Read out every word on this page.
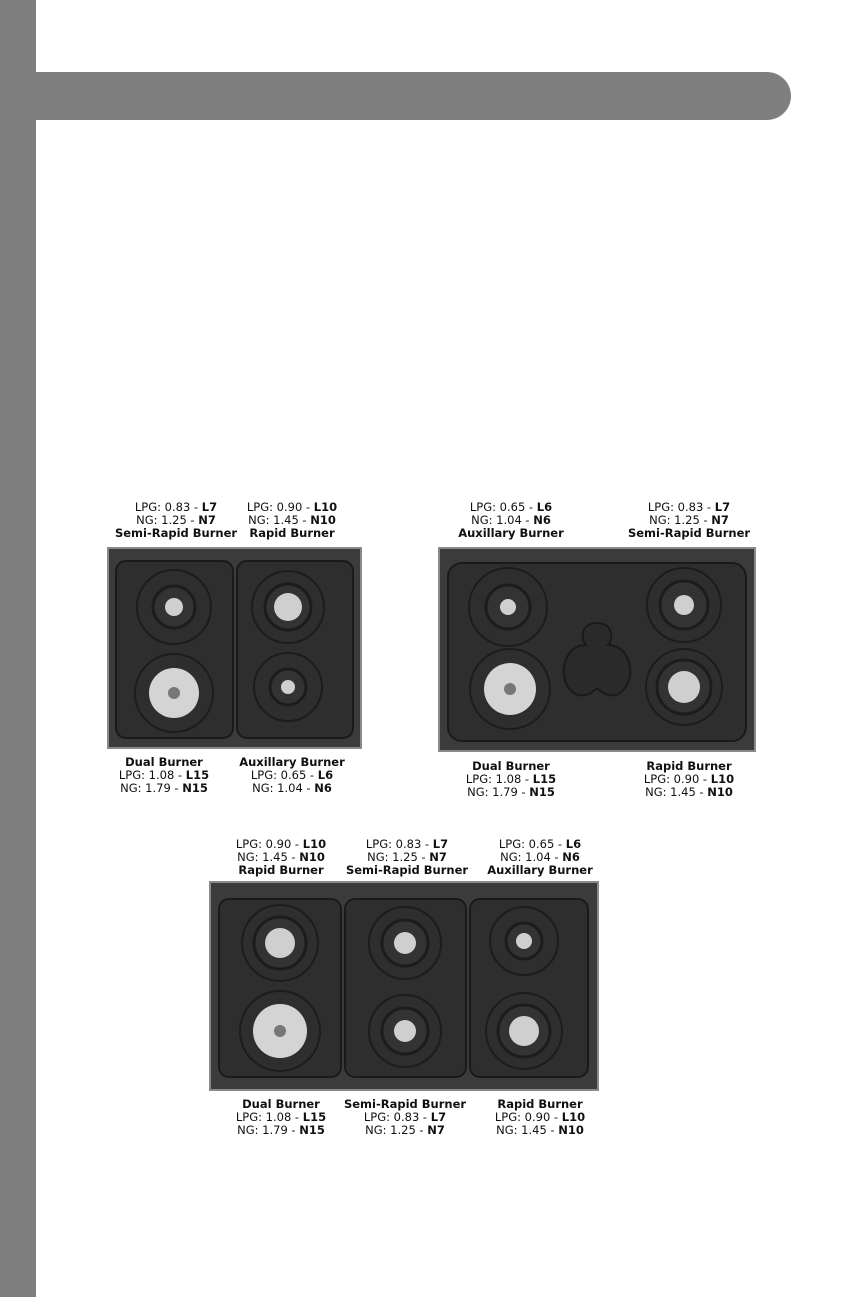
LPG: 0.83 - L7
NG: 1.25 - N7
Semi-Rapid Burner
LPG: 0.90 - L10
NG: 1.45 - N10
Rapid Burner
Dual Burner
LPG: 1.08 - L15
NG: 1.79 - N15
Auxillary Burner
LPG: 0.65 - L6
NG: 1.04 - N6
LPG: 0.65 - L6
NG: 1.04 - N6
Auxillary Burner
LPG: 0.83 - L7
NG: 1.25 - N7
Semi-Rapid Burner
Dual Burner
LPG: 1.08 - L15
NG: 1.79 - N15
Rapid Burner
LPG: 0.90 - L10
NG: 1.45 - N10
LPG: 0.90 - L10
NG: 1.45 - N10
Rapid Burner
LPG: 0.83 - L7
NG: 1.25 - N7
Semi-Rapid Burner
LPG: 0.65 - L6
NG: 1.04 - N6
Auxillary Burner
Dual Burner
LPG: 1.08 - L15
NG: 1.79 - N15
Semi-Rapid Burner
LPG: 0.83 - L7
NG: 1.25 - N7
Rapid Burner
LPG: 0.90 - L10
NG: 1.45 - N10
